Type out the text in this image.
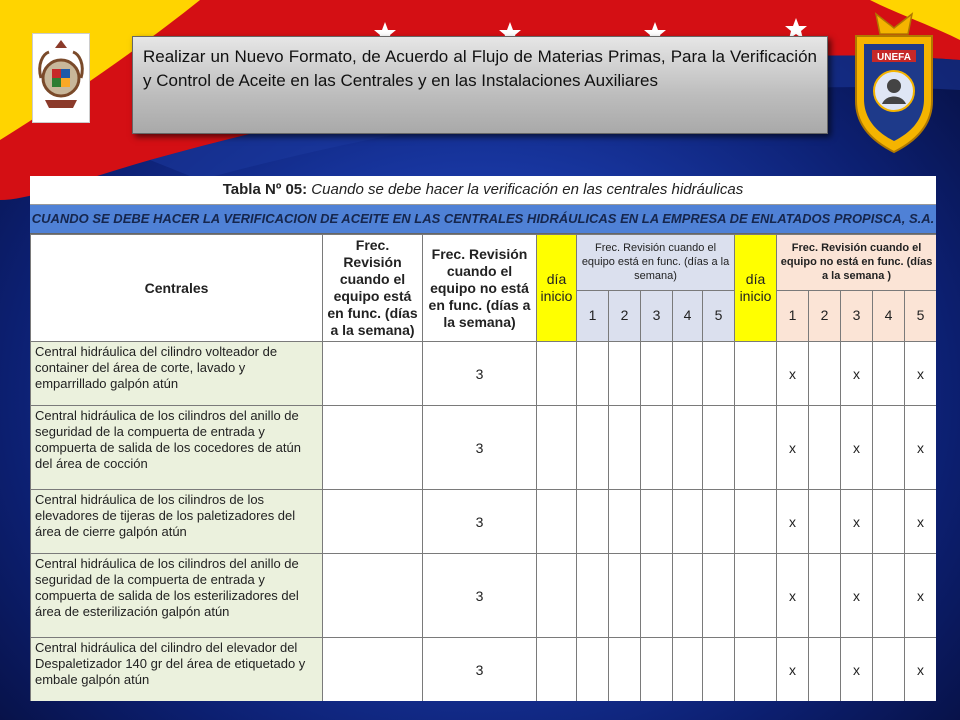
Realizar un Nuevo Formato, de Acuerdo al Flujo de Materias Primas, Para la Verificación y Control de Aceite en las Centrales y en las Instalaciones Auxiliares

UNEFA
Tabla Nº 05: Cuando se debe hacer la verificación en las centrales hidráulicas
CUANDO SE DEBE HACER LA VERIFICACION DE ACEITE EN LAS CENTRALES HIDRÁULICAS EN LA EMPRESA DE ENLATADOS PROPISCA, S.A.
Centrales	Frec. Revisión cuando el equipo está en func. (días a la semana)	Frec. Revisión cuando el equipo no está en func. (días a la semana)	día inicio	Frec. Revisión cuando el equipo está en func. (días a la semana)					día inicio	Frec. Revisión cuando el equipo no está en func. (días a la semana )				
				1	2	3	4	5		1	2	3	4	5
Central hidráulica del cilindro volteador de container del área de corte, lavado y emparrillado galpón atún		3								x		x		x
Central hidráulica de los cilindros del anillo de seguridad de la compuerta de entrada y compuerta de salida de los cocedores de atún del área de cocción		3								x		x		x
Central hidráulica de los cilindros de los elevadores de tijeras de los paletizadores del área de cierre galpón atún		3								x		x		x
Central hidráulica de los cilindros del anillo de seguridad de la compuerta de entrada y compuerta de salida de los esterilizadores del área de esterilización galpón atún		3								x		x		x
Central hidráulica del cilindro del elevador del Despaletizador 140 gr del área de etiquetado y embale galpón atún		3								x		x		x
